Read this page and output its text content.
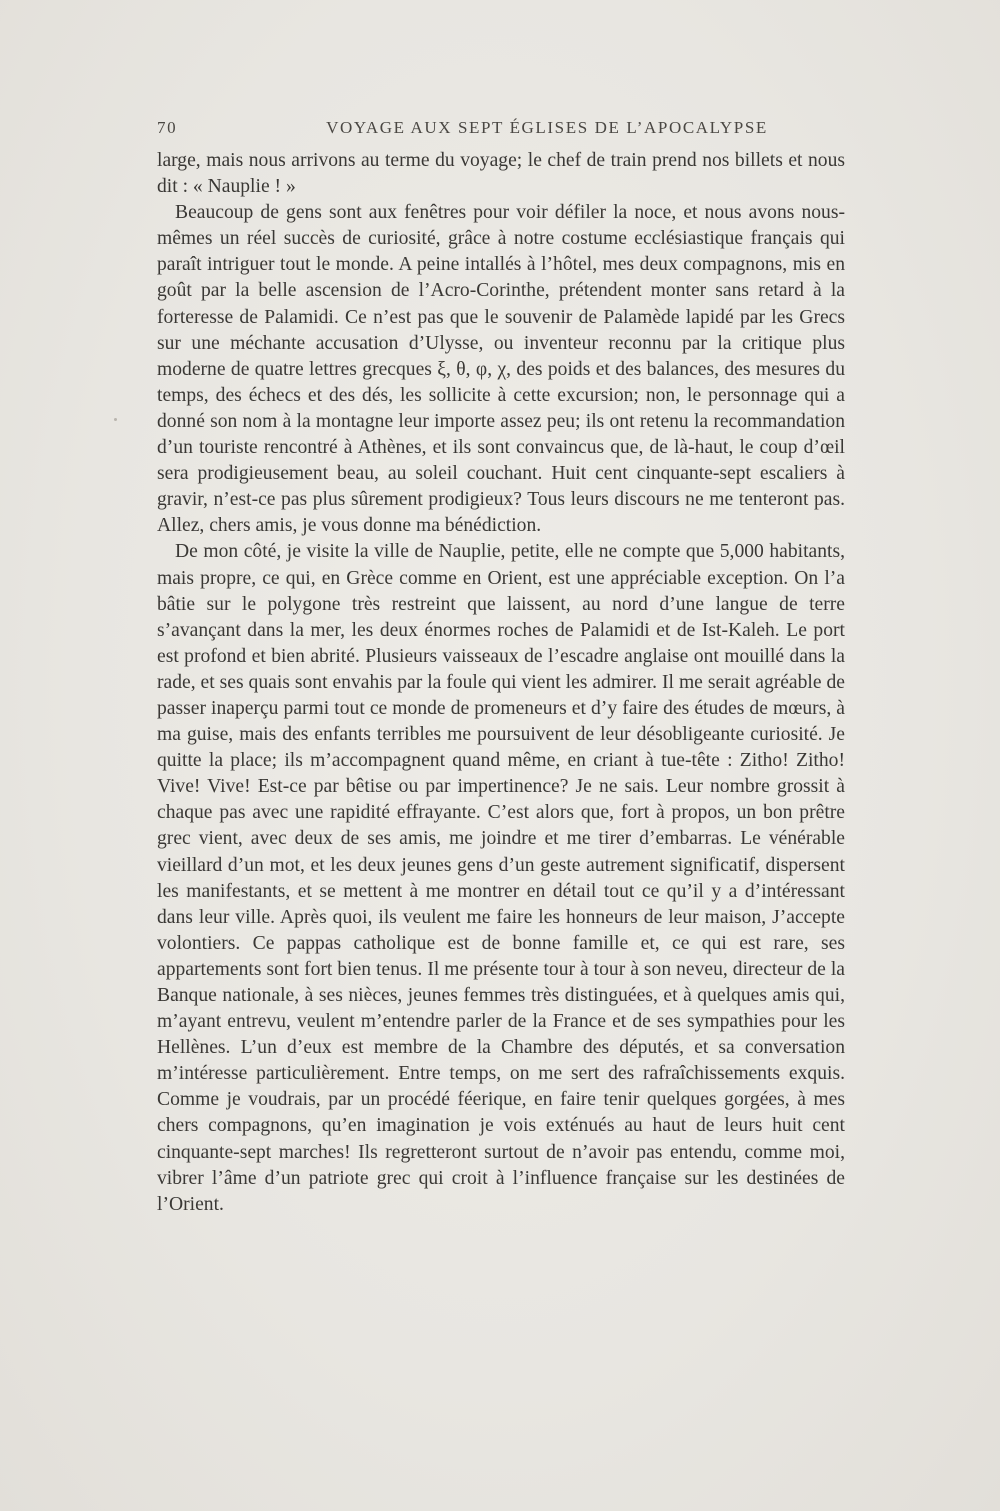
70	VOYAGE AUX SEPT ÉGLISES DE L’APOCALYPSE

large, mais nous arrivons au terme du voyage; le chef de train prend nos billets et nous dit : « Nauplie ! »

Beaucoup de gens sont aux fenêtres pour voir défiler la noce, et nous avons nous-mêmes un réel succès de curiosité, grâce à notre costume ecclésiastique français qui paraît intriguer tout le monde. A peine intallés à l’hôtel, mes deux compagnons, mis en goût par la belle ascension de l’Acro-Corinthe, prétendent monter sans retard à la forteresse de Palamidi. Ce n’est pas que le souvenir de Palamède lapidé par les Grecs sur une méchante accusation d’Ulysse, ou inventeur reconnu par la critique plus moderne de quatre lettres grecques ξ, θ, φ, χ, des poids et des balances, des mesures du temps, des échecs et des dés, les sollicite à cette excursion; non, le personnage qui a donné son nom à la montagne leur importe assez peu; ils ont retenu la recommandation d’un touriste rencontré à Athènes, et ils sont convaincus que, de là-haut, le coup d’œil sera prodigieusement beau, au soleil couchant. Huit cent cinquante-sept escaliers à gravir, n’est-ce pas plus sûrement prodigieux? Tous leurs discours ne me tenteront pas. Allez, chers amis, je vous donne ma bénédiction.

De mon côté, je visite la ville de Nauplie, petite, elle ne compte que 5,000 habitants, mais propre, ce qui, en Grèce comme en Orient, est une appréciable exception. On l’a bâtie sur le polygone très restreint que laissent, au nord d’une langue de terre s’avançant dans la mer, les deux énormes roches de Palamidi et de Ist-Kaleh. Le port est profond et bien abrité. Plusieurs vaisseaux de l’escadre anglaise ont mouillé dans la rade, et ses quais sont envahis par la foule qui vient les admirer. Il me serait agréable de passer inaperçu parmi tout ce monde de promeneurs et d’y faire des études de mœurs, à ma guise, mais des enfants terribles me poursuivent de leur désobligeante curiosité. Je quitte la place; ils m’accompagnent quand même, en criant à tue-tête : Zitho! Zitho! Vive! Vive! Est-ce par bêtise ou par impertinence? Je ne sais. Leur nombre grossit à chaque pas avec une rapidité effrayante. C’est alors que, fort à propos, un bon prêtre grec vient, avec deux de ses amis, me joindre et me tirer d’embarras. Le vénérable vieillard d’un mot, et les deux jeunes gens d’un geste autrement significatif, dispersent les manifestants, et se mettent à me montrer en détail tout ce qu’il y a d’intéressant dans leur ville. Après quoi, ils veulent me faire les honneurs de leur maison, J’accepte volontiers. Ce pappas catholique est de bonne famille et, ce qui est rare, ses appartements sont fort bien tenus. Il me présente tour à tour à son neveu, directeur de la Banque nationale, à ses nièces, jeunes femmes très distinguées, et à quelques amis qui, m’ayant entrevu, veulent m’entendre parler de la France et de ses sympathies pour les Hellènes. L’un d’eux est membre de la Chambre des députés, et sa conversation m’intéresse particulièrement. Entre temps, on me sert des rafraîchissements exquis. Comme je voudrais, par un procédé féerique, en faire tenir quelques gorgées, à mes chers compagnons, qu’en imagination je vois exténués au haut de leurs huit cent cinquante-sept marches! Ils regretteront surtout de n’avoir pas entendu, comme moi, vibrer l’âme d’un patriote grec qui croit à l’influence française sur les destinées de l’Orient.
